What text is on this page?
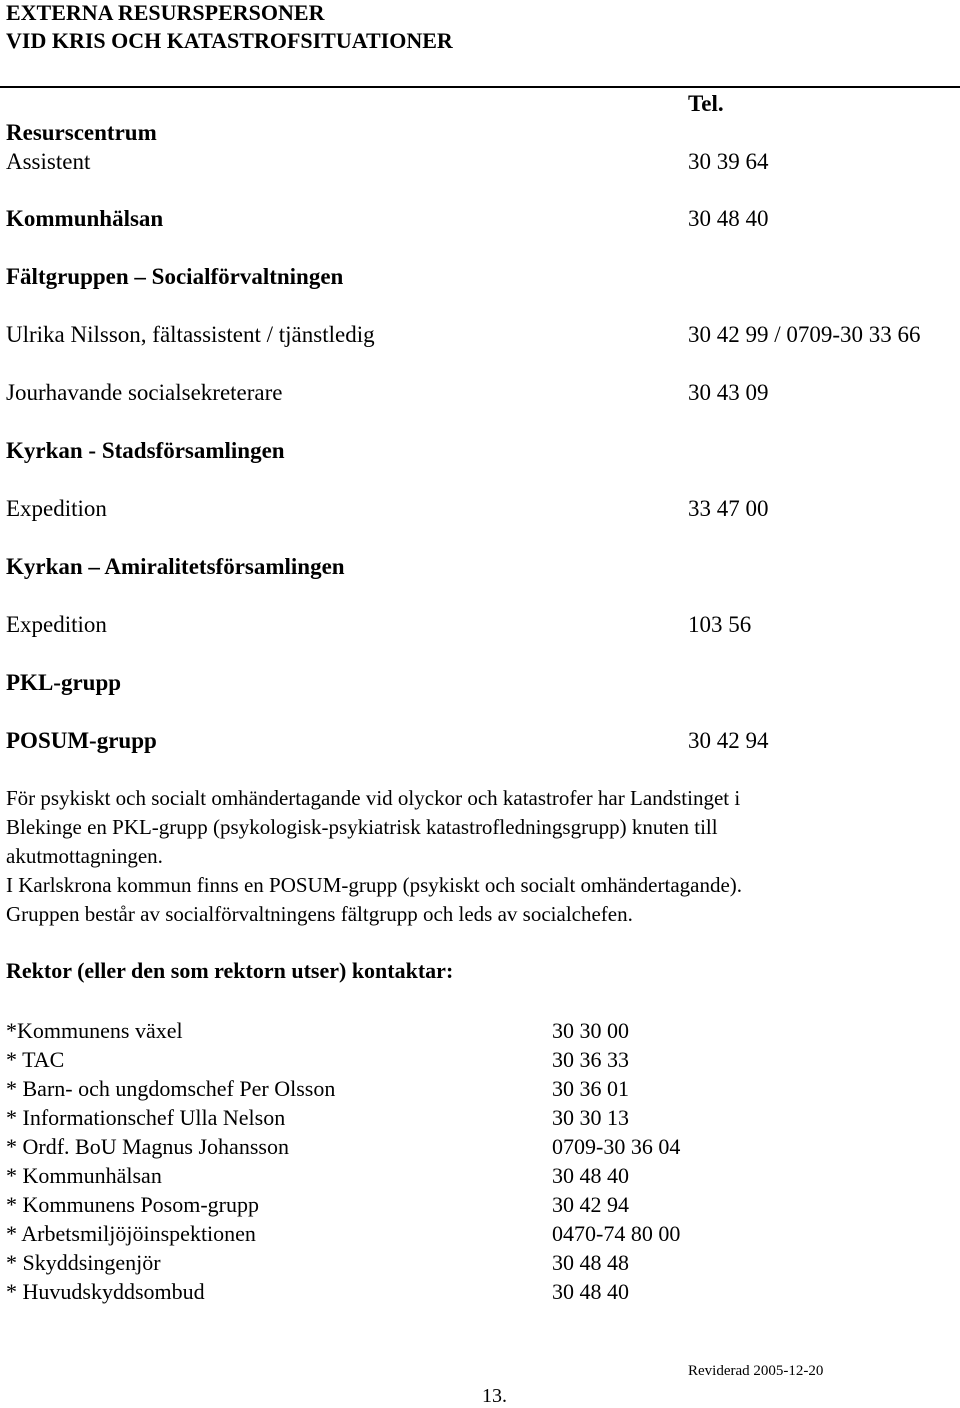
EXTERNA RESURSPERSONER
VID KRIS OCH KATASTROFSITUATIONER
Tel.
Resurscentrum
Assistent	30 39 64
Kommunhälsan	30 48 40
Fältgruppen – Socialförvaltningen
Ulrika Nilsson, fältassistent / tjänstledig	30 42 99 / 0709-30 33 66
Jourhavande socialsekreterare	30 43 09
Kyrkan - Stadsförsamlingen
Expedition	33 47 00
Kyrkan – Amiralitetsförsamlingen
Expedition	103 56
PKL-grupp
POSUM-grupp	30 42 94

För psykiskt och socialt omhändertagande vid olyckor och katastrofer har Landstinget i

Blekinge en PKL-grupp (psykologisk-psykiatrisk katastrofledningsgrupp) knuten till

akutmottagningen.

I Karlskrona kommun finns en POSUM-grupp (psykiskt och socialt omhändertagande).

Gruppen består av socialförvaltningens fältgrupp och leds av socialchefen.

Rektor (eller den som rektorn utser) kontaktar:
*Kommunens växel	30 30 00
* TAC	30 36 33
* Barn- och ungdomschef Per Olsson	30 36 01
* Informationschef Ulla Nelson	30 30 13
* Ordf. BoU Magnus Johansson	0709-30 36 04
* Kommunhälsan	30 48 40
* Kommunens Posom-grupp	30 42 94
* Arbetsmiljöjöinspektionen	0470-74 80 00
* Skyddsingenjör	30 48 48
* Huvudskyddsombud	30 48 40
Reviderad 2005-12-20
13.
